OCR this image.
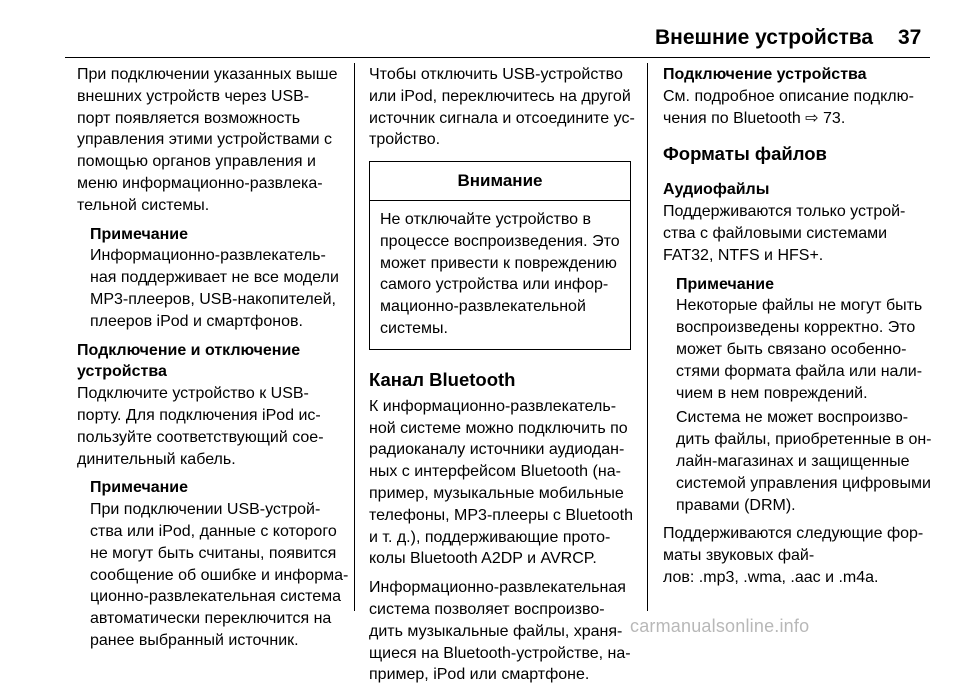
Внешние устройства 37
При подключении указанных выше
внешних устройств через USB-
порт появляется возможность
управления этими устройствами с
помощью органов управления и
меню информационно-развлека-
тельной системы.
Примечание
Информационно-развлекатель-
ная поддерживает не все модели
MP3-плееров, USB-накопителей,
плееров iPod и смартфонов.
Подключение и отключение
устройства
Подключите устройство к USB-
порту. Для подключения iPod ис-
пользуйте соответствующий сое-
динительный кабель.
Примечание
При подключении USB-устрой-
ства или iPod, данные с которого
не могут быть считаны, появится
сообщение об ошибке и информа-
ционно-развлекательная система
автоматически переключится на
ранее выбранный источник.
Чтобы отключить USB-устройство
или iPod, переключитесь на другой
источник сигнала и отсоедините ус-
тройство.
Внимание
Не отключайте устройство в
процессе воспроизведения. Это
может привести к повреждению
самого устройства или инфор-
мационно-развлекательной
системы.
Канал Bluetooth
К информационно-развлекатель-
ной системе можно подключить по
радиоканалу источники аудиодан-
ных с интерфейсом Bluetooth (на-
пример, музыкальные мобильные
телефоны, MP3-плееры с Bluetooth
и т. д.), поддерживающие прото-
колы Bluetooth A2DP и AVRCP.
Информационно-развлекательная
система позволяет воспроизво-
дить музыкальные файлы, храня-
щиеся на Bluetooth-устройстве, на-
пример, iPod или смартфоне.
Подключение устройства
См. подробное описание подклю-
чения по Bluetooth ⇨ 73.
Форматы файлов
Аудиофайлы
Поддерживаются только устрой-
ства с файловыми системами
FAT32, NTFS и HFS+.
Примечание
Некоторые файлы не могут быть
воспроизведены корректно. Это
может быть связано особенно-
стями формата файла или нали-
чием в нем повреждений.
Система не может воспроизво-
дить файлы, приобретенные в он-
лайн-магазинах и защищенные
системой управления цифровыми
правами (DRM).
Поддерживаются следующие фор-
маты звуковых фай-
лов: .mp3, .wma, .aac и .m4a.
carmanualsonline.info
